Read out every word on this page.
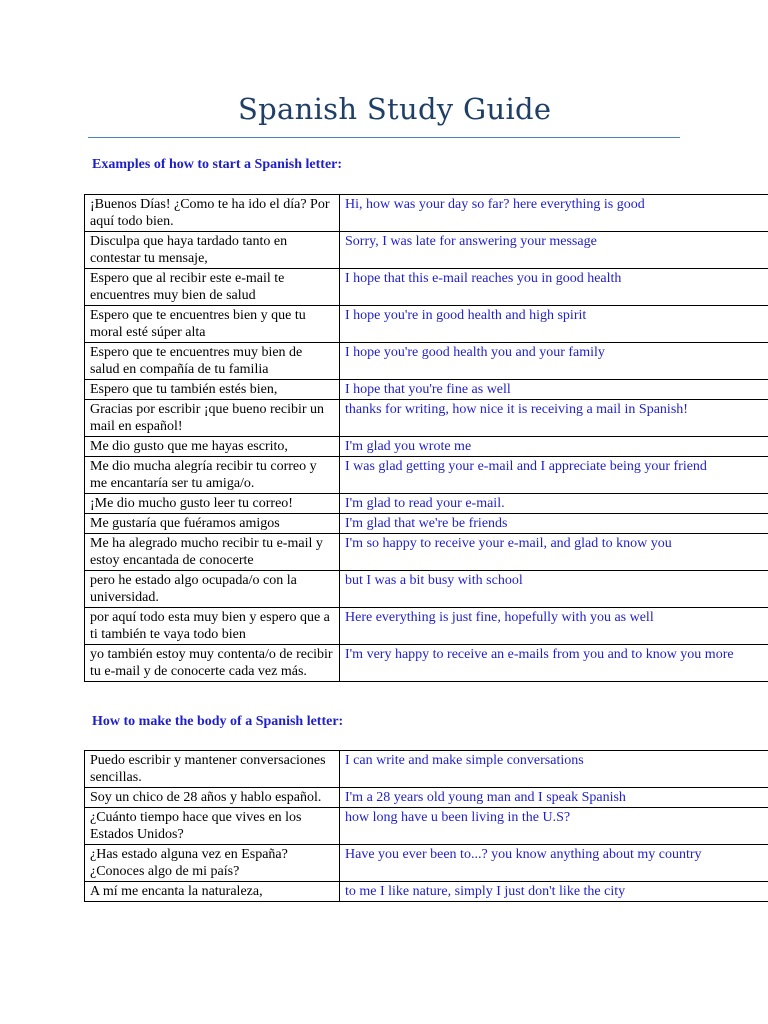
Spanish Study Guide
Examples of how to start a Spanish letter:
¡Buenos Días! ¿Como te ha ido el día? Por aquí todo bien.	Hi, how was your day so far? here everything is good
Disculpa que haya tardado tanto en contestar tu mensaje,	Sorry, I was late for answering your message
Espero que al recibir este e-mail te encuentres muy bien de salud	I hope that this e-mail reaches you in good health
Espero que te encuentres bien y que tu moral esté súper alta	I hope you're in good health and high spirit
Espero que te encuentres muy bien de salud en compañía de tu familia	I hope you're good health you and your family
Espero que tu también estés bien,	I hope that you're fine as well
Gracias por escribir ¡que bueno recibir un mail en español!	thanks for writing, how nice it is receiving a mail in Spanish!
Me dio gusto que me hayas escrito,	I'm glad you wrote me
Me dio mucha alegría recibir tu correo y me encantaría ser tu amiga/o.	I was glad getting your e-mail and I appreciate being your friend
¡Me dio mucho gusto leer tu correo!	I'm glad to read your e-mail.
Me gustaría que fuéramos amigos	I'm glad that we're be friends
Me ha alegrado mucho recibir tu e-mail y estoy encantada de conocerte	I'm so happy to receive your e-mail, and glad to know you
pero he estado algo ocupada/o con la universidad.	but I was a bit busy with school
por aquí todo esta muy bien y espero que a ti también te vaya todo bien	Here everything is just fine, hopefully with you as well
yo también estoy muy contenta/o de recibir tu e-mail y de conocerte cada vez más.	I'm very happy to receive an e-mails from you and to know you more
How to make the body of a Spanish letter:
Puedo escribir y mantener conversaciones sencillas.	I can write and make simple conversations
Soy un chico de 28 años y hablo español.	I'm a 28 years old young man and I speak Spanish
¿Cuánto tiempo hace que vives en los Estados Unidos?	how long have u been living in the U.S?
¿Has estado alguna vez en España? ¿Conoces algo de mi país?	Have you ever been to...? you know anything about my country
A mí me encanta la naturaleza,	to me I like nature, simply I just don't like the city
